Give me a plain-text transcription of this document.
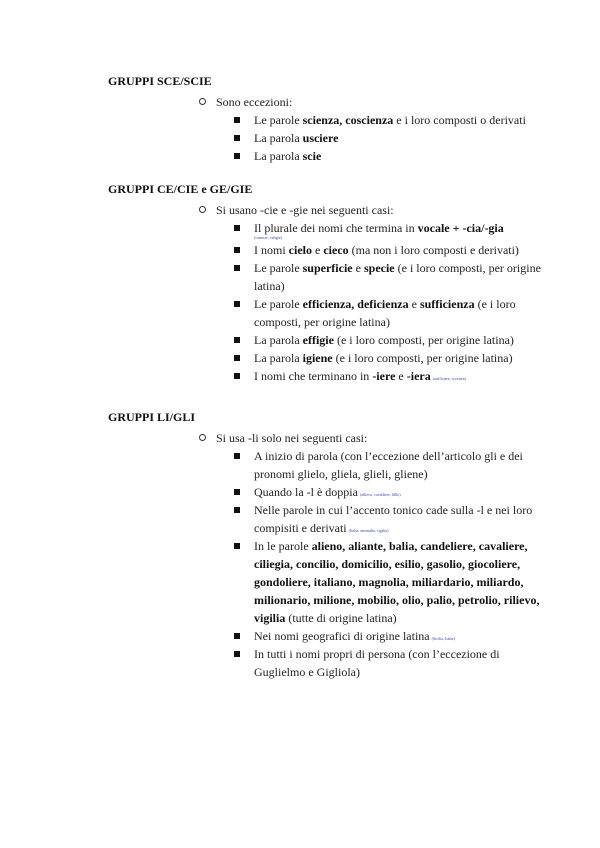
GRUPPI SCE/SCIE
Sono eccezioni:
Le parole scienza, coscienza e i loro composti o derivati
La parola usciere
La parola scie
GRUPPI CE/CIE e GE/GIE
Si usano -cie e -gie nei seguenti casi:
Il plurale dei nomi che termina in vocale + -cia/-gia
(camicie, valigie)
I nomi cielo e cieco (ma non i loro composti e derivati)
Le parole superficie e specie (e i loro composti, per origine latina)
Le parole efficienza, deficienza e sufficienza (e i loro composti, per origine latina)
La parola effigie (e i loro composti, per origine latina)
La parola igiene (e i loro composti, per origine latina)
I nomi che terminano in -iere e -iera (artificiere, crociera)
GRUPPI LI/GLI
Si usa -li solo nei seguenti casi:
A inizio di parola (con l’eccezione dell’articolo gli e dei pronomi glielo, gliela, glieli, gliene)
Quando la -l è doppia (allievo, cavalliere, lilllo)
Nelle parole in cui l’accento tonico cade sulla -l e nei loro compisiti e derivati (Italia, anomalia, vigilia)
In le parole alieno, aliante, balia, candeliere, cavaliere, ciliegia, concilio, domicilio, esilio, gasolio, giocoliere, gondoliere, italiano, magnolia, miliardario, miliardo, milionario, milione, mobilio, olio, palio, petrolio, rilievo, vigilia (tutte di origine latina)
Nei nomi geografici di origine latina (Sicilia, Italia)
In tutti i nomi propri di persona (con l’eccezione di Guglielmo e Gigliola)
